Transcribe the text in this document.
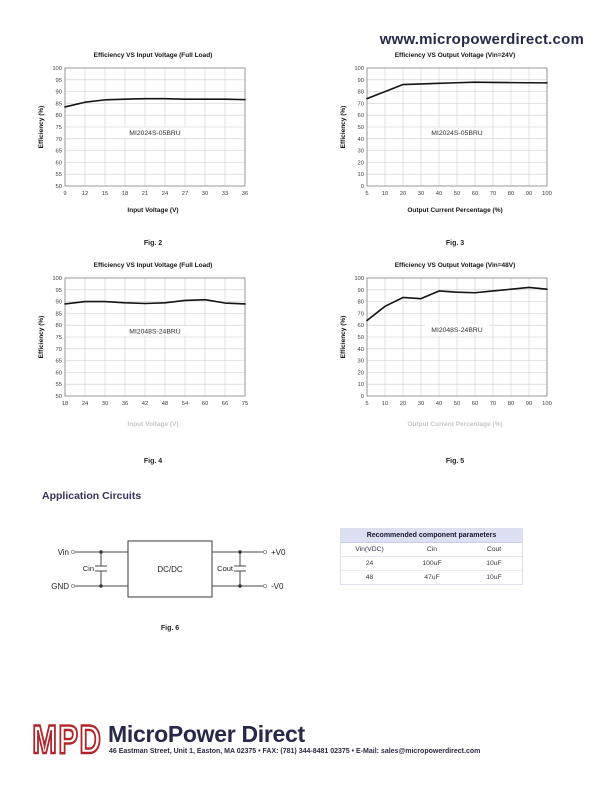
www.micropowerdirect.com
Efficiency VS Input Voltage (Full Load)
100
95
90
85
80
75
70
65
60
55
50
9	12 15 18 21 24 27 30 33 36
MI2024S-05BRU
Efficiency (%)
Input Voltage (V)
Fig. 2
Efficiency VS Output Voltage (Vin=24V)
100
90
80
70
60
50
40
30
20
10
0
5 10 20 30 40 50 60 70 80 90 100
MI2024S-05BRU
Efficiency (%)
Output Current Percentage (%)
Fig. 3
Efficiency VS Input Voltage (Full Load)
100
95
90
85
80
75
70
65
60
55
50
18 24 30 36 42 48 54 60 66 75
MI2048S-24BRU
Efficiency (%)
Input Voltage (V)
Fig. 4
Efficiency VS Output Voltage (Vin=48V)
100
90
80
70
60
50
40
30
20
10
0
5 10 20 30 40 50 60 70 80 90 100
MI2048S-24BRU
Efficiency (%)
Output Current Percentage (%)
Fig. 5
Application Circuits
DC/DC
Cin	Cout
Vin
GND
+V0
-V0
Fig. 6
Recommended component parameters
Vin(VDC)	Cin	Cout
24	100uF	10uF
48	47uF	10uF
MPD MicroPower Direct
46 Eastman Street, Unit 1, Easton, MA 02375 • FAX: (781) 344-8481 02375 • E-Mail: sales@micropowerdirect.com
